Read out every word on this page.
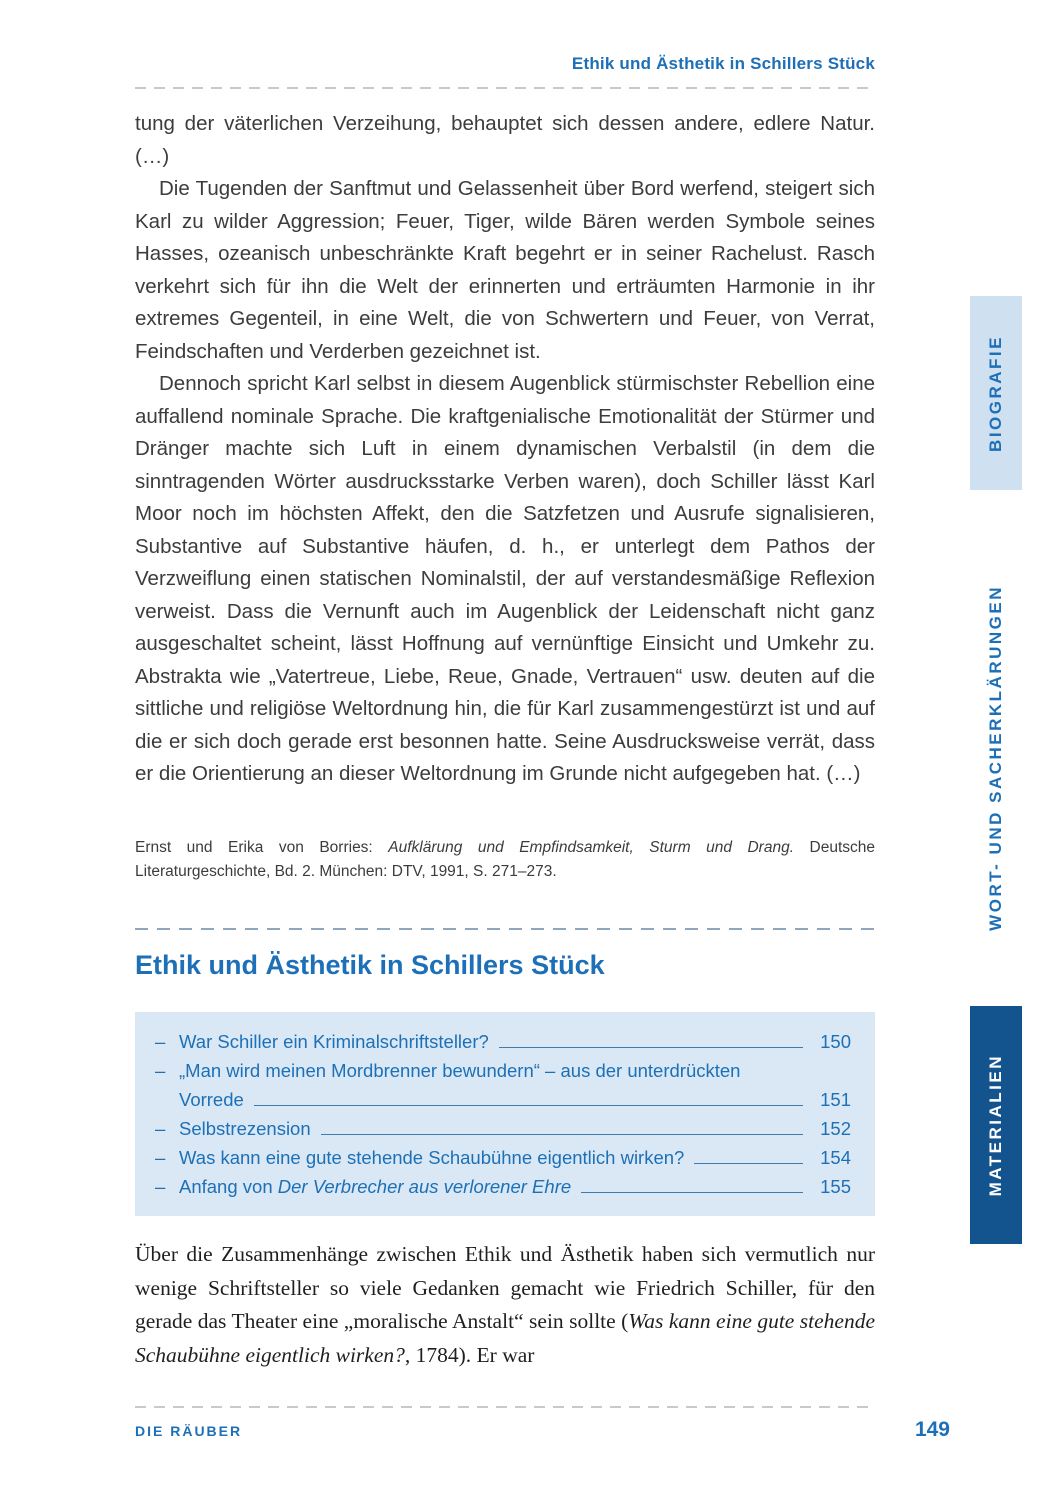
Ethik und Ästhetik in Schillers Stück

tung der väterlichen Verzeihung, behauptet sich dessen andere, edlere Natur. (…)

Die Tugenden der Sanftmut und Gelassenheit über Bord werfend, steigert sich Karl zu wilder Aggression; Feuer, Tiger, wilde Bären werden Symbole seines Hasses, ozeanisch unbeschränkte Kraft begehrt er in seiner Rachelust. Rasch verkehrt sich für ihn die Welt der erinnerten und erträumten Harmonie in ihr extremes Gegenteil, in eine Welt, die von Schwertern und Feuer, von Verrat, Feindschaften und Verderben gezeichnet ist.

Dennoch spricht Karl selbst in diesem Augenblick stürmischster Rebellion eine auffallend nominale Sprache. Die kraftgenialische Emotionalität der Stürmer und Dränger machte sich Luft in einem dynamischen Verbalstil (in dem die sinntragenden Wörter ausdrucksstarke Verben waren), doch Schiller lässt Karl Moor noch im höchsten Affekt, den die Satzfetzen und Ausrufe signalisieren, Substantive auf Substantive häufen, d. h., er unterlegt dem Pathos der Verzweiflung einen statischen Nominalstil, der auf verstandesmäßige Reflexion verweist. Dass die Vernunft auch im Augenblick der Leidenschaft nicht ganz ausgeschaltet scheint, lässt Hoffnung auf vernünftige Einsicht und Umkehr zu. Abstrakta wie „Vatertreue, Liebe, Reue, Gnade, Vertrauen“ usw. deuten auf die sittliche und religiöse Weltordnung hin, die für Karl zusammengestürzt ist und auf die er sich doch gerade erst besonnen hatte. Seine Ausdrucksweise verrät, dass er die Orientierung an dieser Weltordnung im Grunde nicht aufgegeben hat. (…)

Ernst und Erika von Borries: Aufklärung und Empfindsamkeit, Sturm und Drang. Deutsche Literaturgeschichte, Bd. 2. München: DTV, 1991, S. 271–273.
Ethik und Ästhetik in Schillers Stück
– War Schiller ein Kriminalschriftsteller?	150
– „Man wird meinen Mordbrenner bewundern“ – aus der unterdrückten
Vorrede	151
– Selbstrezension	152
– Was kann eine gute stehende Schaubühne eigentlich wirken?	154
– Anfang von Der Verbrecher aus verlorener Ehre	155
Über die Zusammenhänge zwischen Ethik und Ästhetik haben sich vermutlich nur wenige Schriftsteller so viele Gedanken gemacht wie Friedrich Schiller, für den gerade das Theater eine „moralische Anstalt“ sein sollte (Was kann eine gute stehende Schaubühne eigentlich wirken?, 1784). Er war
DIE RÄUBER	149
BIOGRAFIE
WORT- UND SACHERKLÄRUNGEN
MATERIALIEN
